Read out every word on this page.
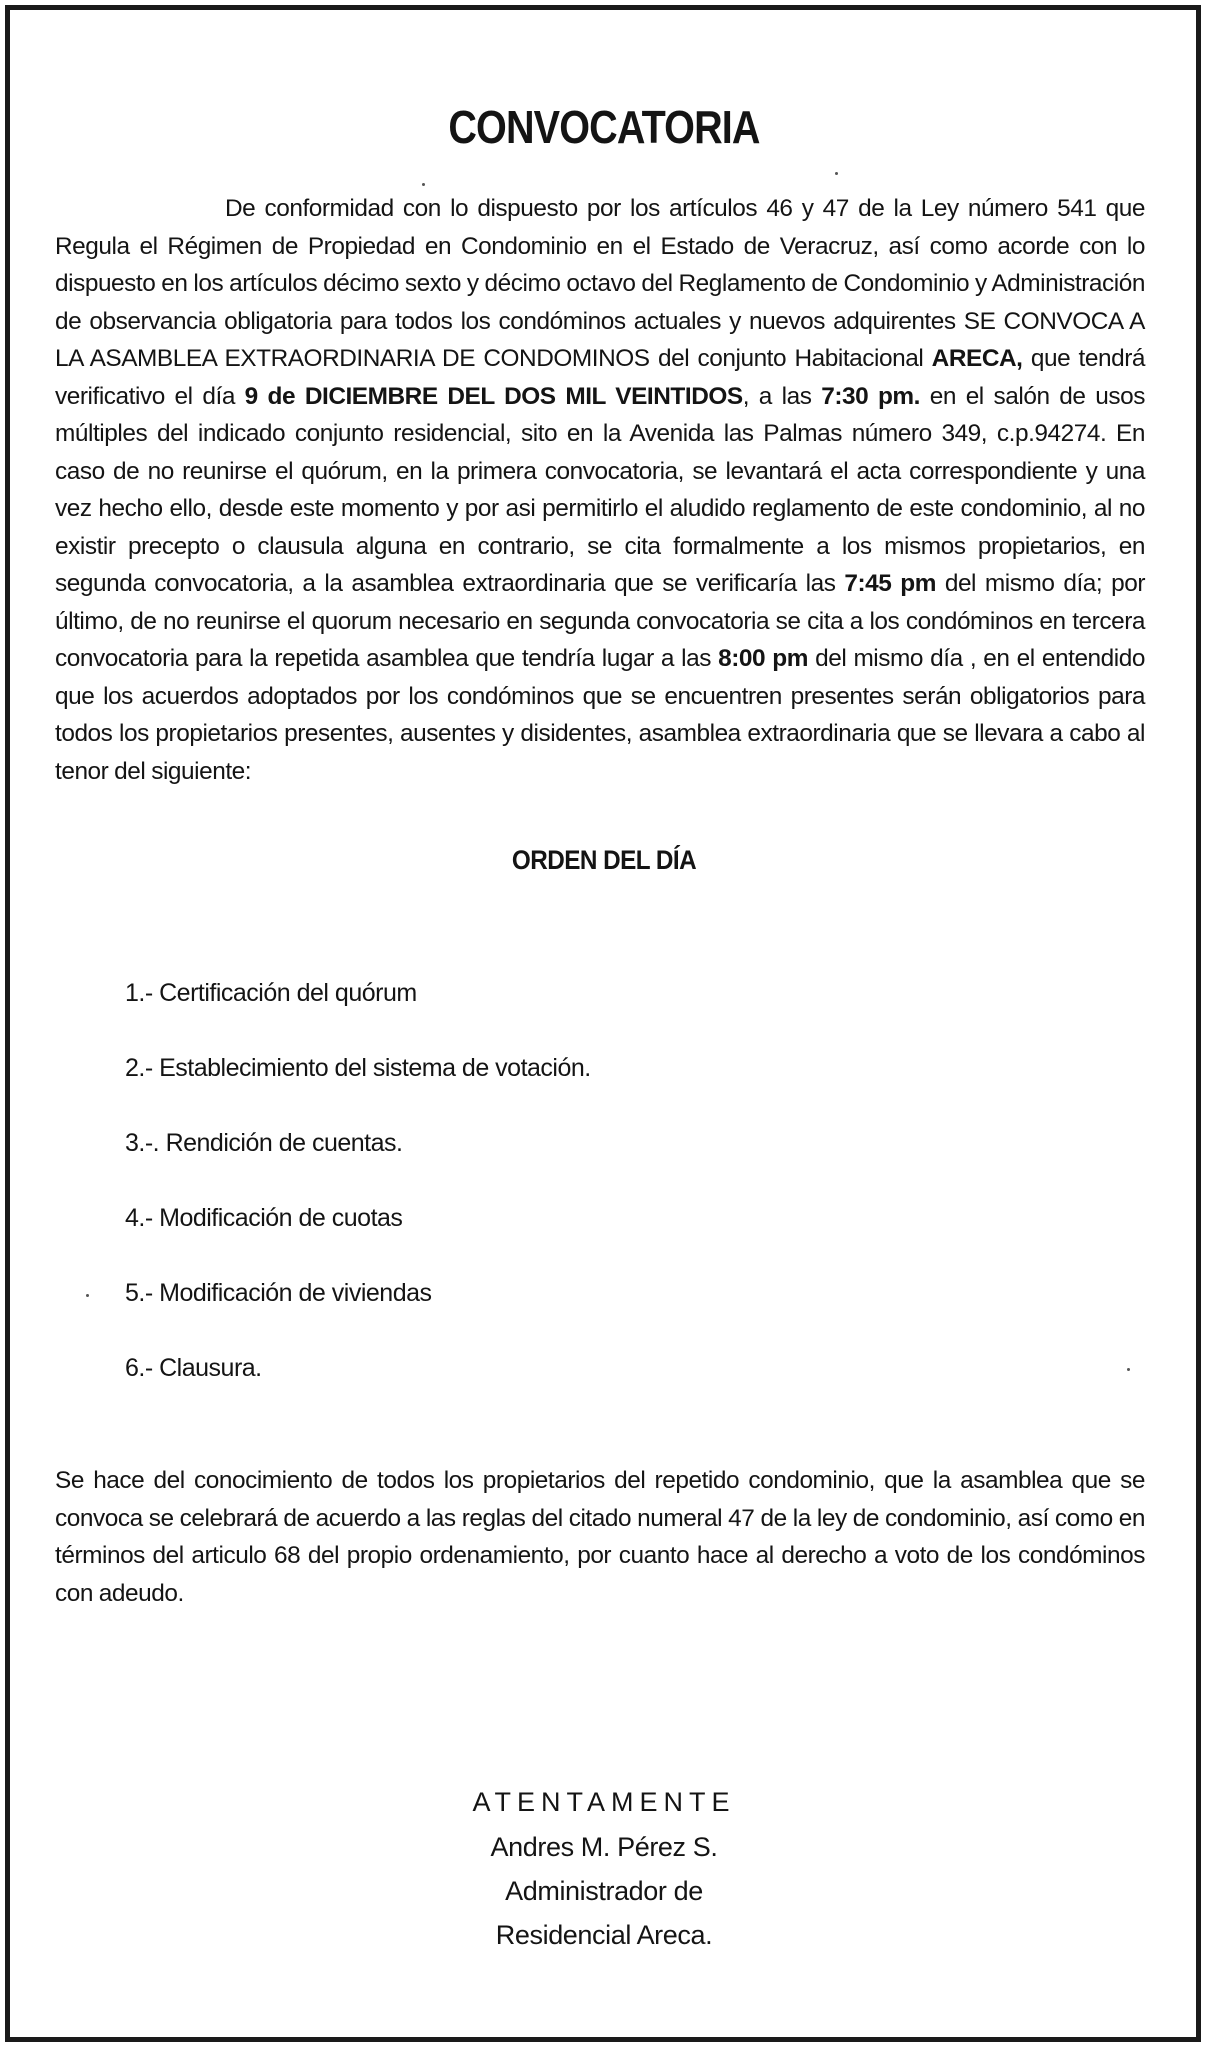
CONVOCATORIA
De conformidad con lo dispuesto por los artículos 46 y 47 de la Ley número 541 que Regula el Régimen de Propiedad en Condominio en el Estado de Veracruz, así como acorde con lo dispuesto en los artículos décimo sexto y décimo octavo del Reglamento de Condominio y Administración de observancia obligatoria para todos los condóminos actuales y nuevos adquirentes SE CONVOCA A LA ASAMBLEA EXTRAORDINARIA DE CONDOMINOS del conjunto Habitacional ARECA, que tendrá verificativo el día 9 de DICIEMBRE DEL DOS MIL VEINTIDOS, a las 7:30 pm. en el salón de usos múltiples del indicado conjunto residencial, sito en la Avenida las Palmas número 349, c.p.94274. En caso de no reunirse el quórum, en la primera convocatoria, se levantará el acta correspondiente y una vez hecho ello, desde este momento y por asi permitirlo el aludido reglamento de este condominio, al no existir precepto o clausula alguna en contrario, se cita formalmente a los mismos propietarios, en segunda convocatoria, a la asamblea extraordinaria que se verificaría las 7:45 pm del mismo día; por último, de no reunirse el quorum necesario en segunda convocatoria se cita a los condóminos en tercera convocatoria para la repetida asamblea que tendría lugar a las 8:00 pm del mismo día , en el entendido que los acuerdos adoptados por los condóminos que se encuentren presentes serán obligatorios para todos los propietarios presentes, ausentes y disidentes, asamblea extraordinaria que se llevara a cabo al tenor del siguiente:
ORDEN DEL DÍA
1.- Certificación del quórum
2.- Establecimiento del sistema de votación.
3.-. Rendición de cuentas.
4.- Modificación de cuotas
5.- Modificación de viviendas
6.- Clausura.
Se hace del conocimiento de todos los propietarios del repetido condominio, que la asamblea que se convoca se celebrará de acuerdo a las reglas del citado numeral 47 de la ley de condominio, así como en términos del articulo 68 del propio ordenamiento, por cuanto hace al derecho a voto de los condóminos con adeudo.
ATENTAMENTE
Andres M. Pérez S.
Administrador de
Residencial Areca.
